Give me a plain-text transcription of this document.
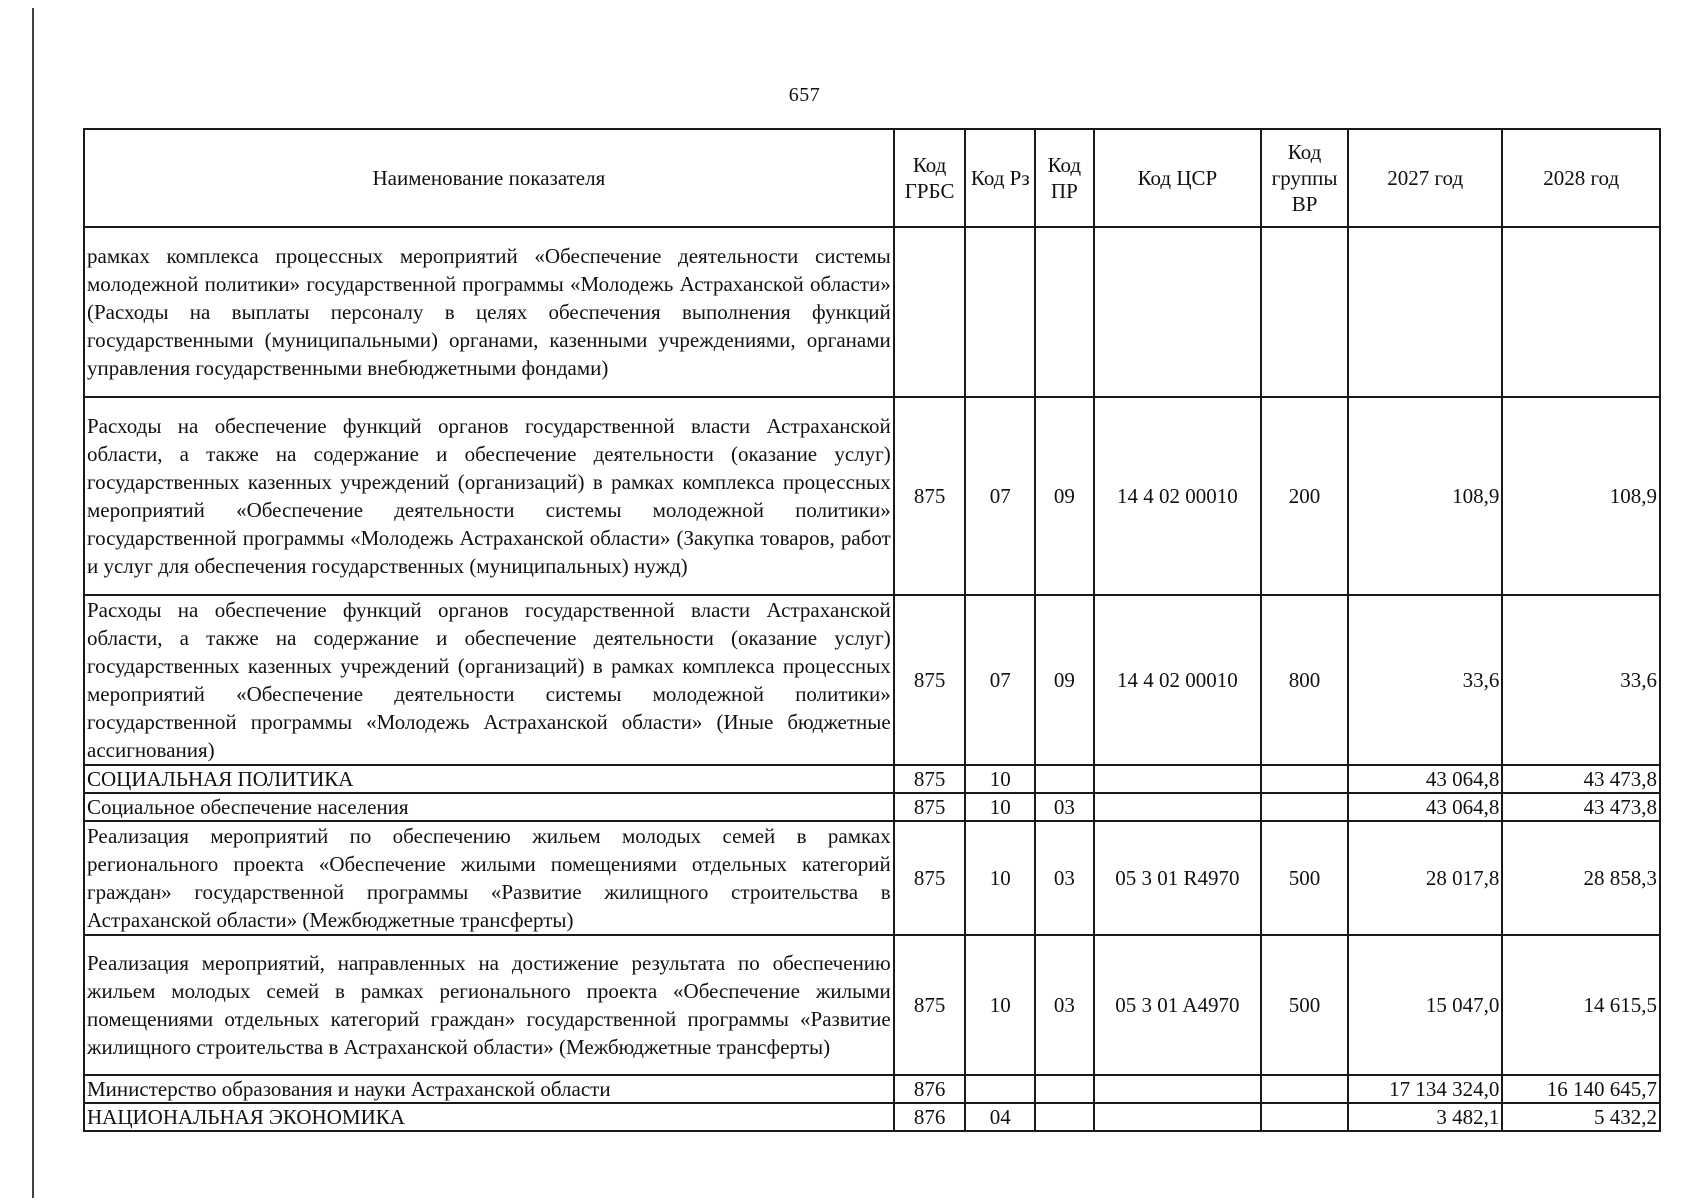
657
Наименование показателя	Код ГРБС	Код Рз	Код ПР	Код ЦСР	Код группы ВР	2027 год	2028 год
рамках комплекса процессных мероприятий «Обеспечение деятельности системы молодежной политики» государственной программы «Молодежь Астраханской области» (Расходы на выплаты персоналу в целях обеспечения выполнения функций государственными (муниципальными) органами, казенными учреждениями, органами управления государственными внебюджетными фондами)							
Расходы на обеспечение функций органов государственной власти Астраханской области, а также на содержание и обеспечение деятельности (оказание услуг) государственных казенных учреждений (организаций) в рамках комплекса процессных мероприятий «Обеспечение деятельности системы молодежной политики» государственной программы «Молодежь Астраханской области» (Закупка товаров, работ и услуг для обеспечения государственных (муниципальных) нужд)	875	07	09	14 4 02 00010	200	108,9	108,9
Расходы на обеспечение функций органов государственной власти Астраханской области, а также на содержание и обеспечение деятельности (оказание услуг) государственных казенных учреждений (организаций) в рамках комплекса процессных мероприятий «Обеспечение деятельности системы молодежной политики» государственной программы «Молодежь Астраханской области» (Иные бюджетные ассигнования)	875	07	09	14 4 02 00010	800	33,6	33,6
СОЦИАЛЬНАЯ ПОЛИТИКА	875	10				43 064,8	43 473,8
Социальное обеспечение населения	875	10	03			43 064,8	43 473,8
Реализация мероприятий по обеспечению жильем молодых семей в рамках регионального проекта «Обеспечение жилыми помещениями отдельных категорий граждан» государственной программы «Развитие жилищного строительства в Астраханской области» (Межбюджетные трансферты)	875	10	03	05 3 01 R4970	500	28 017,8	28 858,3
Реализация мероприятий, направленных на достижение результата по обеспечению жильем молодых семей в рамках регионального проекта «Обеспечение жилыми помещениями отдельных категорий граждан» государственной программы «Развитие жилищного строительства в Астраханской области» (Межбюджетные трансферты)	875	10	03	05 3 01 A4970	500	15 047,0	14 615,5
Министерство образования и науки Астраханской области	876					17 134 324,0	16 140 645,7
НАЦИОНАЛЬНАЯ ЭКОНОМИКА	876	04				3 482,1	5 432,2
